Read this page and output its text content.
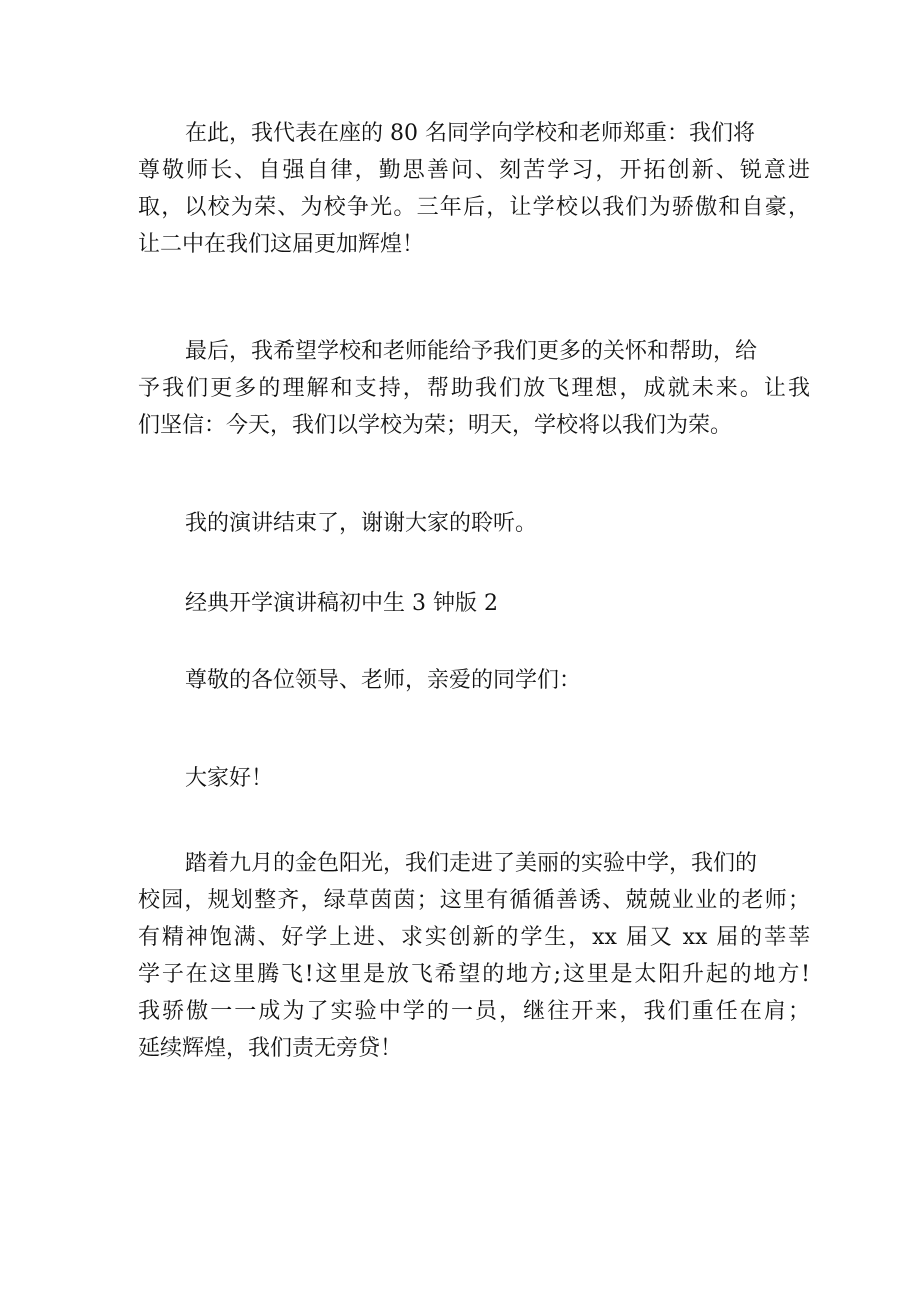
在此，我代表在座的 80 名同学向学校和老师郑重：我们将
尊敬师长、自强自律，勤思善问、刻苦学习，开拓创新、锐意进
取，以校为荣、为校争光。三年后，让学校以我们为骄傲和自豪，
让二中在我们这届更加辉煌！
最后，我希望学校和老师能给予我们更多的关怀和帮助，给
予我们更多的理解和支持，帮助我们放飞理想，成就未来。让我
们坚信：今天，我们以学校为荣；明天，学校将以我们为荣。

我的演讲结束了，谢谢大家的聆听。

经典开学演讲稿初中生 3 钟版 2

尊敬的各位领导、老师，亲爱的同学们：

大家好！

踏着九月的金色阳光，我们走进了美丽的实验中学，我们的
校园，规划整齐，绿草茵茵；这里有循循善诱、兢兢业业的老师；
有精神饱满、好学上进、求实创新的学生，xx 届又 xx 届的莘莘
学子在这里腾飞!这里是放飞希望的地方;这里是太阳升起的地方!
我骄傲一一成为了实验中学的一员，继往开来，我们重任在肩；
延续辉煌，我们责无旁贷！
